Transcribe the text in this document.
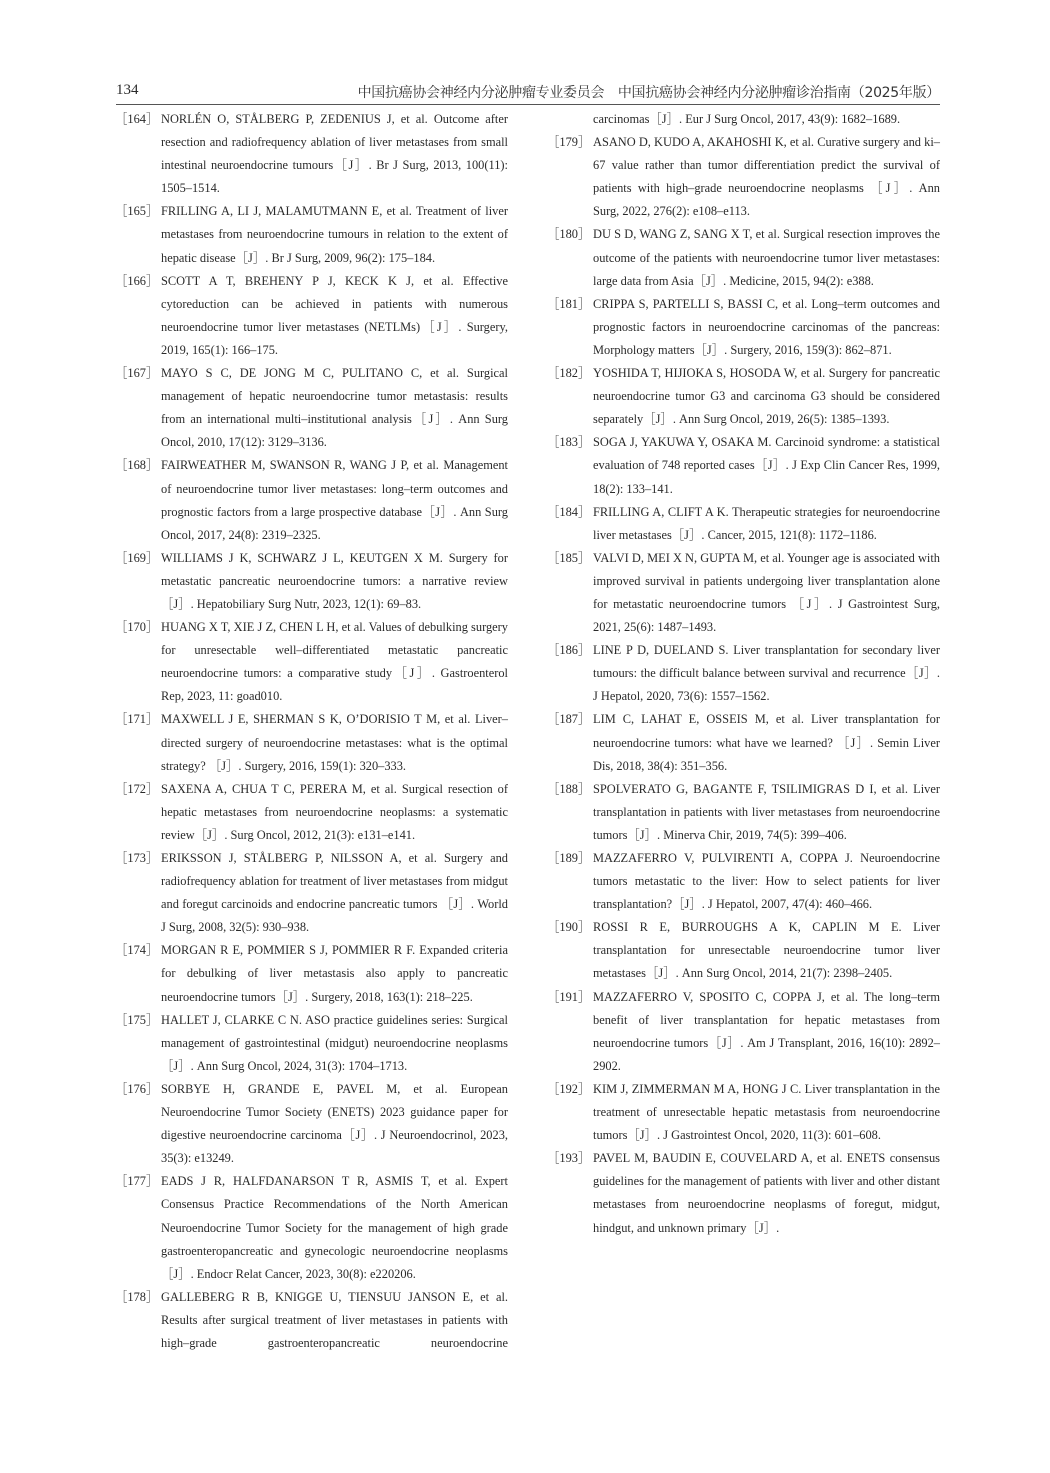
134	中国抗癌协会神经内分泌肿瘤专业委员会　中国抗癌协会神经内分泌肿瘤诊治指南（2025年版）

［164］ NORLÉN O, STÅLBERG P, ZEDENIUS J, et al. Outcome after resection and radiofrequency ablation of liver metastases from small intestinal neuroendocrine tumours［J］. Br J Surg, 2013, 100(11): 1505–1514.

［165］ FRILLING A, LI J, MALAMUTMANN E, et al. Treatment of liver metastases from neuroendocrine tumours in relation to the extent of hepatic disease［J］. Br J Surg, 2009, 96(2): 175–184.

［166］ SCOTT A T, BREHENY P J, KECK K J, et al. Effective cytoreduction can be achieved in patients with numerous neuroendocrine tumor liver metastases (NETLMs)［J］. Surgery, 2019, 165(1): 166–175.

［167］ MAYO S C, DE JONG M C, PULITANO C, et al. Surgical management of hepatic neuroendocrine tumor metastasis: results from an international multi–institutional analysis［J］. Ann Surg Oncol, 2010, 17(12): 3129–3136.

［168］ FAIRWEATHER M, SWANSON R, WANG J P, et al. Management of neuroendocrine tumor liver metastases: long–term outcomes and prognostic factors from a large prospective database［J］. Ann Surg Oncol, 2017, 24(8): 2319–2325.

［169］ WILLIAMS J K, SCHWARZ J L, KEUTGEN X M. Surgery for metastatic pancreatic neuroendocrine tumors: a narrative review ［J］. Hepatobiliary Surg Nutr, 2023, 12(1): 69–83.

［170］ HUANG X T, XIE J Z, CHEN L H, et al. Values of debulking surgery for unresectable well–differentiated metastatic pancreatic neuroendocrine tumors: a comparative study［J］. Gastroenterol Rep, 2023, 11: goad010.

［171］ MAXWELL J E, SHERMAN S K, O’DORISIO T M, et al. Liver–directed surgery of neuroendocrine metastases: what is the optimal strategy? ［J］. Surgery, 2016, 159(1): 320–333.

［172］ SAXENA A, CHUA T C, PERERA M, et al. Surgical resection of hepatic metastases from neuroendocrine neoplasms: a systematic review［J］. Surg Oncol, 2012, 21(3): e131–e141.

［173］ ERIKSSON J, STÅLBERG P, NILSSON A, et al. Surgery and radiofrequency ablation for treatment of liver metastases from midgut and foregut carcinoids and endocrine pancreatic tumors ［J］. World J Surg, 2008, 32(5): 930–938.

［174］ MORGAN R E, POMMIER S J, POMMIER R F. Expanded criteria for debulking of liver metastasis also apply to pancreatic neuroendocrine tumors［J］. Surgery, 2018, 163(1): 218–225.

［175］ HALLET J, CLARKE C N. ASO practice guidelines series: Surgical management of gastrointestinal (midgut) neuroendocrine neoplasms［J］. Ann Surg Oncol, 2024, 31(3): 1704–1713.

［176］ SORBYE H, GRANDE E, PAVEL M, et al. European Neuroendocrine Tumor Society (ENETS) 2023 guidance paper for digestive neuroendocrine carcinoma［J］. J Neuroendocrinol, 2023, 35(3): e13249.

［177］ EADS J R, HALFDANARSON T R, ASMIS T, et al. Expert Consensus Practice Recommendations of the North American Neuroendocrine Tumor Society for the management of high grade gastroenteropancreatic and gynecologic neuroendocrine neoplasms［J］. Endocr Relat Cancer, 2023, 30(8): e220206.

［178］ GALLEBERG R B, KNIGGE U, TIENSUU JANSON E, et al. Results after surgical treatment of liver metastases in patients with high–grade gastroenteropancreatic neuroendocrine

carcinomas［J］. Eur J Surg Oncol, 2017, 43(9): 1682–1689.

［179］ ASANO D, KUDO A, AKAHOSHI K, et al. Curative surgery and ki–67 value rather than tumor differentiation predict the survival of patients with high–grade neuroendocrine neoplasms ［J］. Ann Surg, 2022, 276(2): e108–e113.

［180］ DU S D, WANG Z, SANG X T, et al. Surgical resection improves the outcome of the patients with neuroendocrine tumor liver metastases: large data from Asia［J］. Medicine, 2015, 94(2): e388.

［181］ CRIPPA S, PARTELLI S, BASSI C, et al. Long–term outcomes and prognostic factors in neuroendocrine carcinomas of the pancreas: Morphology matters［J］. Surgery, 2016, 159(3): 862–871.

［182］ YOSHIDA T, HIJIOKA S, HOSODA W, et al. Surgery for pancreatic neuroendocrine tumor G3 and carcinoma G3 should be considered separately［J］. Ann Surg Oncol, 2019, 26(5): 1385–1393.

［183］ SOGA J, YAKUWA Y, OSAKA M. Carcinoid syndrome: a statistical evaluation of 748 reported cases［J］. J Exp Clin Cancer Res, 1999, 18(2): 133–141.

［184］ FRILLING A, CLIFT A K. Therapeutic strategies for neuroendocrine liver metastases［J］. Cancer, 2015, 121(8): 1172–1186.

［185］ VALVI D, MEI X N, GUPTA M, et al. Younger age is associated with improved survival in patients undergoing liver transplantation alone for metastatic neuroendocrine tumors ［J］. J Gastrointest Surg, 2021, 25(6): 1487–1493.

［186］ LINE P D, DUELAND S. Liver transplantation for secondary liver tumours: the difficult balance between survival and recurrence［J］. J Hepatol, 2020, 73(6): 1557–1562.

［187］ LIM C, LAHAT E, OSSEIS M, et al. Liver transplantation for neuroendocrine tumors: what have we learned? ［J］. Semin Liver Dis, 2018, 38(4): 351–356.

［188］ SPOLVERATO G, BAGANTE F, TSILIMIGRAS D I, et al. Liver transplantation in patients with liver metastases from neuroendocrine tumors［J］. Minerva Chir, 2019, 74(5): 399–406.

［189］ MAZZAFERRO V, PULVIRENTI A, COPPA J. Neuroendocrine tumors metastatic to the liver: How to select patients for liver transplantation?［J］. J Hepatol, 2007, 47(4): 460–466.

［190］ ROSSI R E, BURROUGHS A K, CAPLIN M E. Liver transplantation for unresectable neuroendocrine tumor liver metastases［J］. Ann Surg Oncol, 2014, 21(7): 2398–2405.

［191］ MAZZAFERRO V, SPOSITO C, COPPA J, et al. The long–term benefit of liver transplantation for hepatic metastases from neuroendocrine tumors［J］. Am J Transplant, 2016, 16(10): 2892–2902.

［192］ KIM J, ZIMMERMAN M A, HONG J C. Liver transplantation in the treatment of unresectable hepatic metastasis from neuroendocrine tumors［J］. J Gastrointest Oncol, 2020, 11(3): 601–608.

［193］ PAVEL M, BAUDIN E, COUVELARD A, et al. ENETS consensus guidelines for the management of patients with liver and other distant metastases from neuroendocrine neoplasms of foregut, midgut, hindgut, and unknown primary［J］.
